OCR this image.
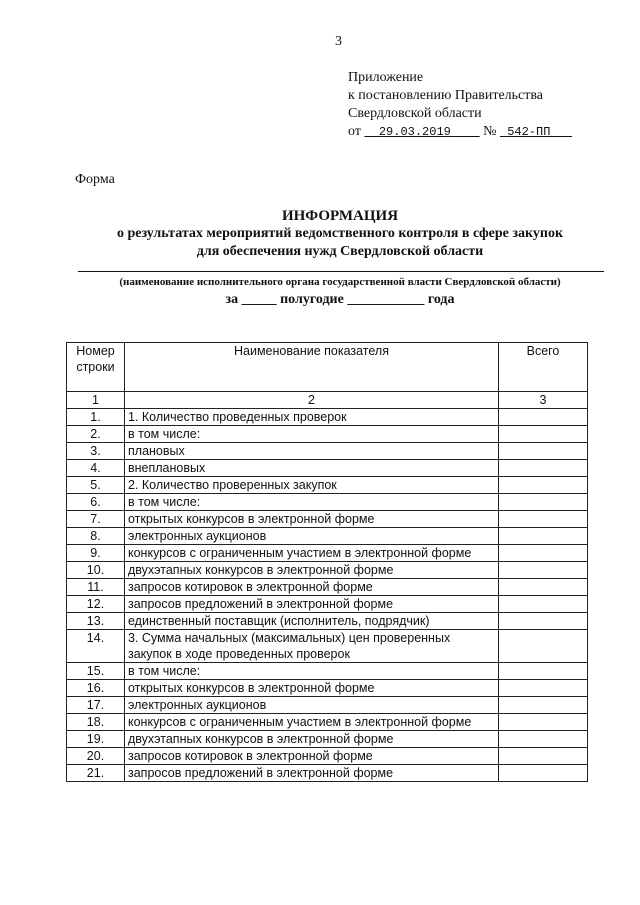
3
Приложение
к постановлению Правительства
Свердловской области
от 29.03.2019 № 542-ПП
Форма
ИНФОРМАЦИЯ
о результатах мероприятий ведомственного контроля в сфере закупок
для обеспечения нужд Свердловской области
(наименование исполнительного органа государственной власти Свердловской области)
за _____ полугодие ___________ года
Номер строки	Наименование показателя	Всего
1	2	3
1.	1. Количество проведенных проверок	
2.	в том числе:	
3.	плановых	
4.	внеплановых	
5.	2. Количество проверенных закупок	
6.	в том числе:	
7.	открытых конкурсов в электронной форме	
8.	электронных аукционов	
9.	конкурсов с ограниченным участием в электронной форме	
10.	двухэтапных конкурсов в электронной форме	
11.	запросов котировок в электронной форме	
12.	запросов предложений в электронной форме	
13.	единственный поставщик (исполнитель, подрядчик)	
14.	3. Сумма начальных (максимальных) цен проверенных закупок в ходе проведенных проверок	
15.	в том числе:	
16.	открытых конкурсов в электронной форме	
17.	электронных аукционов	
18.	конкурсов с ограниченным участием в электронной форме	
19.	двухэтапных конкурсов в электронной форме	
20.	запросов котировок в электронной форме	
21.	запросов предложений в электронной форме	
